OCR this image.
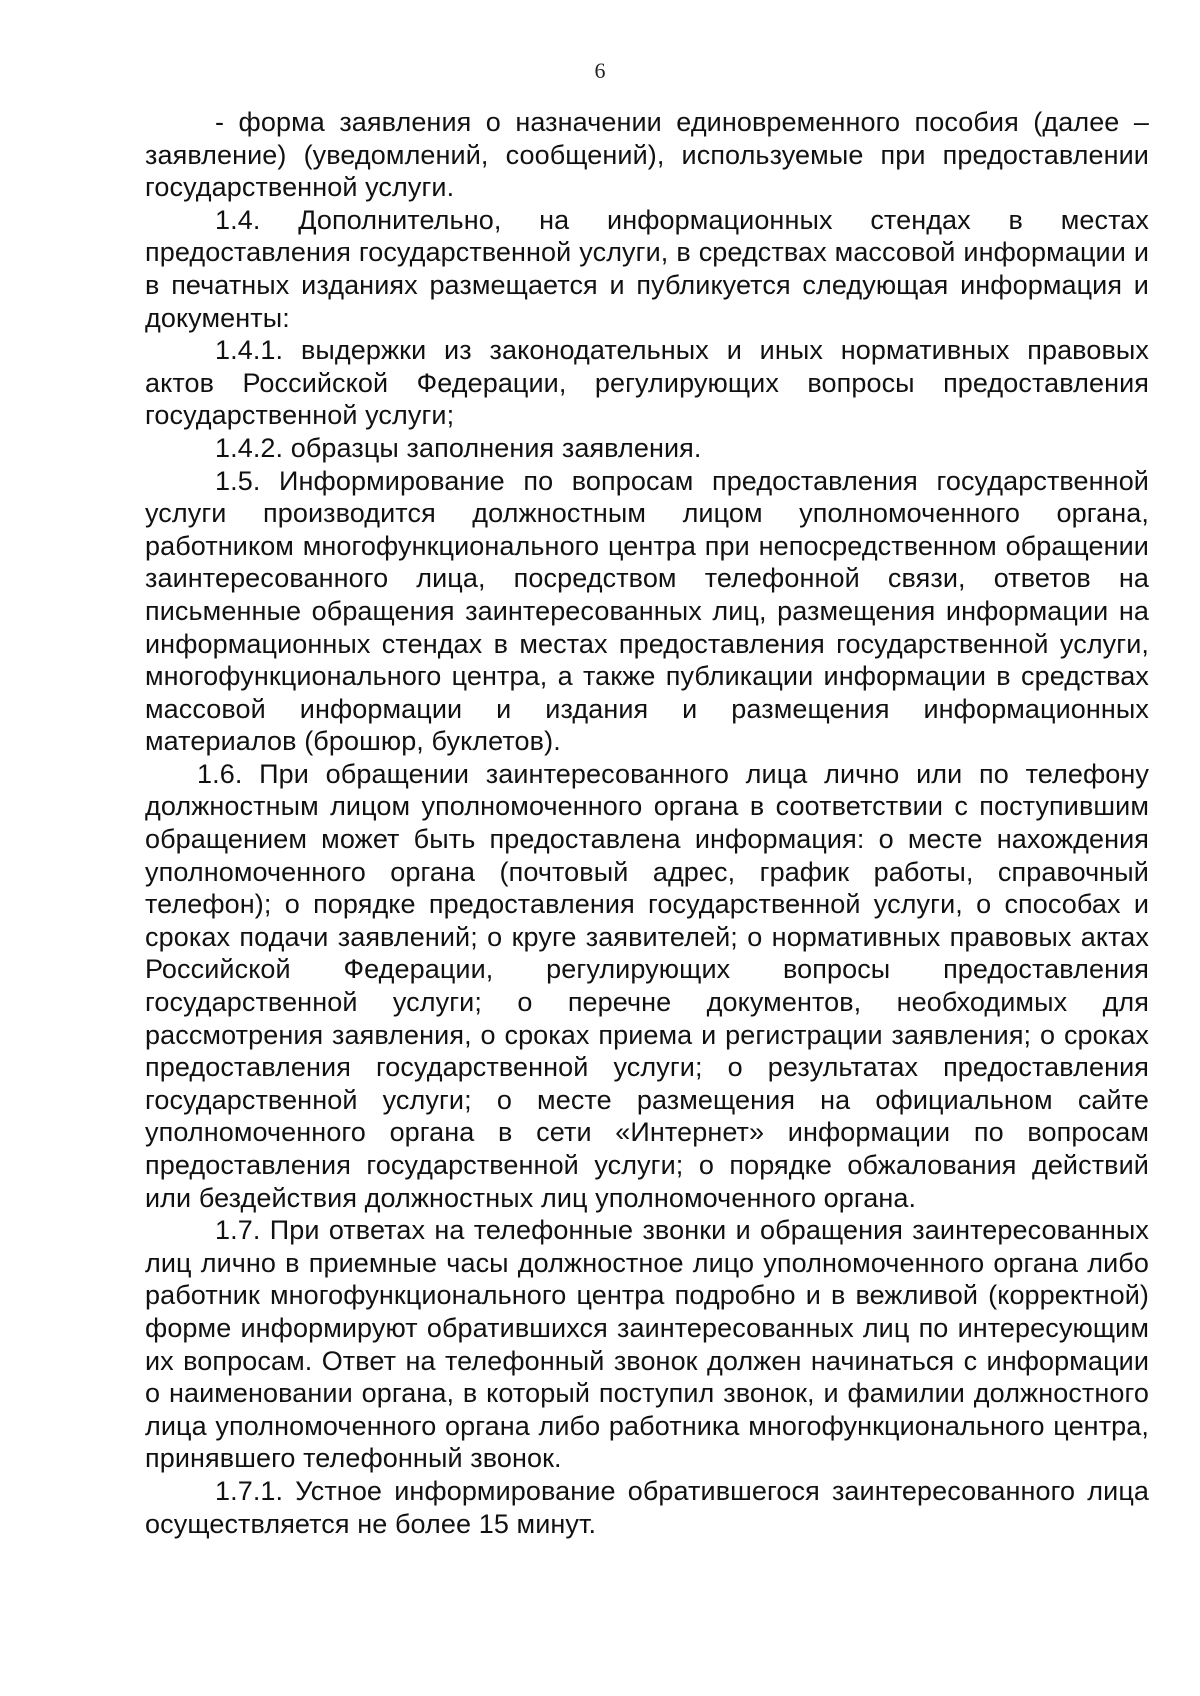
6

- форма заявления о назначении единовременного пособия (далее – заявление) (уведомлений, сообщений), используемые при предоставлении государственной услуги.

1.4. Дополнительно, на информационных стендах в местах предоставления государственной услуги, в средствах массовой информации и в печатных изданиях размещается и публикуется следующая информация и документы:

1.4.1. выдержки из законодательных и иных нормативных правовых актов Российской Федерации, регулирующих вопросы предоставления государственной услуги;

1.4.2. образцы заполнения заявления.

1.5. Информирование по вопросам предоставления государственной услуги производится должностным лицом уполномоченного органа, работником многофункционального центра при непосредственном обращении заинтересованного лица, посредством телефонной связи, ответов на письменные обращения заинтересованных лиц, размещения информации на информационных стендах в местах предоставления государственной услуги, многофункционального центра, а также публикации информации в средствах массовой информации и издания и размещения информационных материалов (брошюр, буклетов).

1.6. При обращении заинтересованного лица лично или по телефону должностным лицом уполномоченного органа в соответствии с поступившим обращением может быть предоставлена информация: о месте нахождения уполномоченного органа (почтовый адрес, график работы, справочный телефон); о порядке предоставления государственной услуги, о способах и сроках подачи заявлений; о круге заявителей; о нормативных правовых актах Российской Федерации, регулирующих вопросы предоставления государственной услуги; о перечне документов, необходимых для рассмотрения заявления, о сроках приема и регистрации заявления; о сроках предоставления государственной услуги; о результатах предоставления государственной услуги; о месте размещения на официальном сайте уполномоченного органа в сети «Интернет» информации по вопросам предоставления государственной услуги; о порядке обжалования действий или бездействия должностных лиц уполномоченного органа.

1.7. При ответах на телефонные звонки и обращения заинтересованных лиц лично в приемные часы должностное лицо уполномоченного органа либо работник многофункционального центра подробно и в вежливой (корректной) форме информируют обратившихся заинтересованных лиц по интересующим их вопросам. Ответ на телефонный звонок должен начинаться с информации о наименовании органа, в который поступил звонок, и фамилии должностного лица уполномоченного органа либо работника многофункционального центра, принявшего телефонный звонок.

1.7.1. Устное информирование обратившегося заинтересованного лица осуществляется не более 15 минут.
